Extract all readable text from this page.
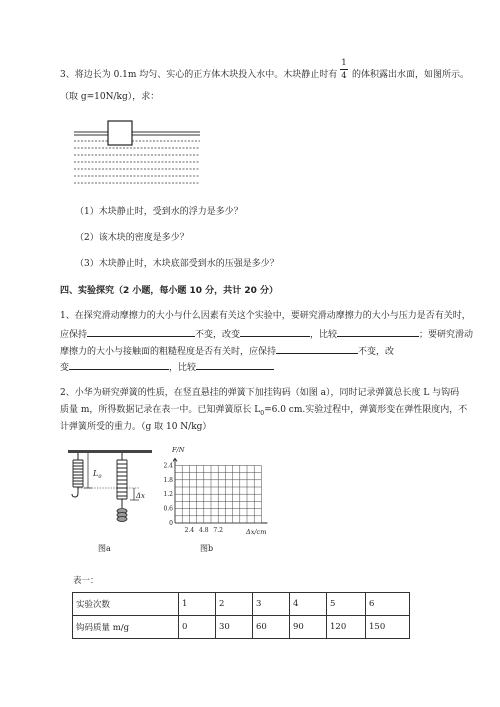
3、将边长为 0.1m 均匀、实心的正方体木块投入水中。木块静止时有
1
4 的体积露出水面，如图所示。
（取 g=10N/kg），求：
（1）木块静止时，受到水的浮力是多少？
（2）该木块的密度是多少？
（3）木块静止时，木块底部受到水的压强是多少？
四、实验探究（2 小题，每小题 10 分，共计 20 分）
1、在探究滑动摩擦力的大小与什么因素有关这个实验中，要研究滑动摩擦力的大小与压力是否有关时，
应保持	不变，改变	，比较	；要研究滑动
摩擦力的大小与接触面的粗糙程度是否有关时，应保持	不变，改
变	，比较
2、小华为研究弹簧的性质，在竖直悬挂的弹簧下加挂钩码（如图 a），同时记录弹簧总长度 L 与钩码
质量 m，所得数据记录在表一中。已知弹簧原长 $L_0=6.0$ cm.实验过程中，弹簧形变在弹性限度内，不
计弹簧所受的重力。（g 取 10 N/kg）
$L_0$
Δx
图a
F/N
Δx/cm
2.4
1.8
1.2
0.6
0
2.4 4.8 7.2
图b
表一：
实验次数	1	2	3	4	5	6
钩码质量 m/g	0	30	60	90	120	150
